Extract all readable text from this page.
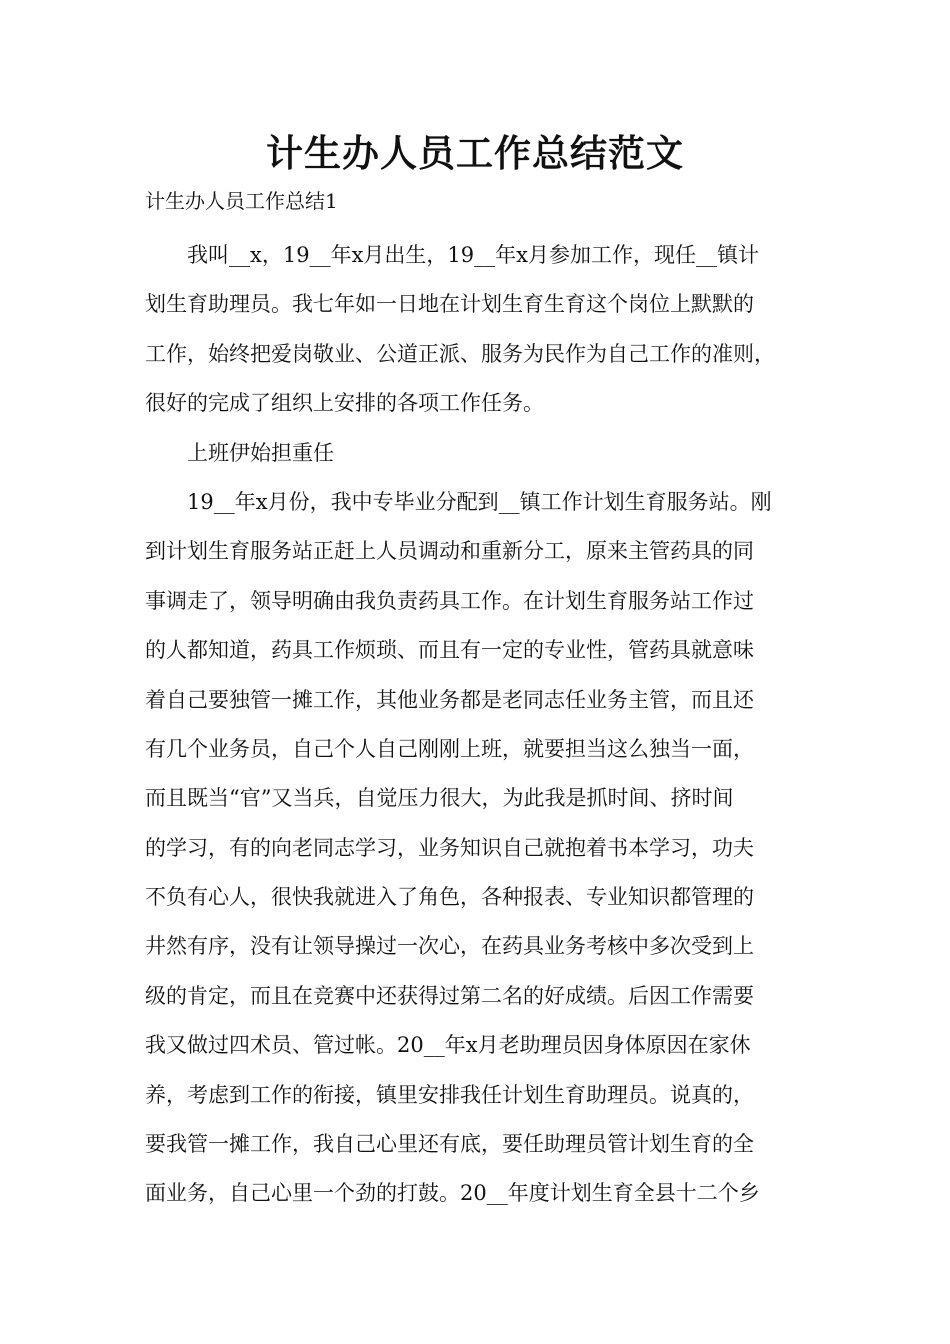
计生办人员工作总结范文

计生办人员工作总结1

　　我叫__x，19__年x月出生，19__年x月参加工作，现任__镇计
划生育助理员。我七年如一日地在计划生育生育这个岗位上默默的
工作，始终把爱岗敬业、公道正派、服务为民作为自己工作的准则，
很好的完成了组织上安排的各项工作任务。
　　上班伊始担重任
　　19__年x月份，我中专毕业分配到__镇工作计划生育服务站。刚
到计划生育服务站正赶上人员调动和重新分工，原来主管药具的同
事调走了，领导明确由我负责药具工作。在计划生育服务站工作过
的人都知道，药具工作烦琐、而且有一定的专业性，管药具就意味
着自己要独管一摊工作，其他业务都是老同志任业务主管，而且还
有几个业务员，自己个人自己刚刚上班，就要担当这么独当一面，
而且既当“官”又当兵，自觉压力很大，为此我是抓时间、挤时间
的学习，有的向老同志学习，业务知识自己就抱着书本学习，功夫
不负有心人，很快我就进入了角色，各种报表、专业知识都管理的
井然有序，没有让领导操过一次心，在药具业务考核中多次受到上
级的肯定，而且在竞赛中还获得过第二名的好成绩。后因工作需要
我又做过四术员、管过帐。20__年x月老助理员因身体原因在家休
养，考虑到工作的衔接，镇里安排我任计划生育助理员。说真的，
要我管一摊工作，我自己心里还有底，要任助理员管计划生育的全
面业务，自己心里一个劲的打鼓。20__年度计划生育全县十二个乡
